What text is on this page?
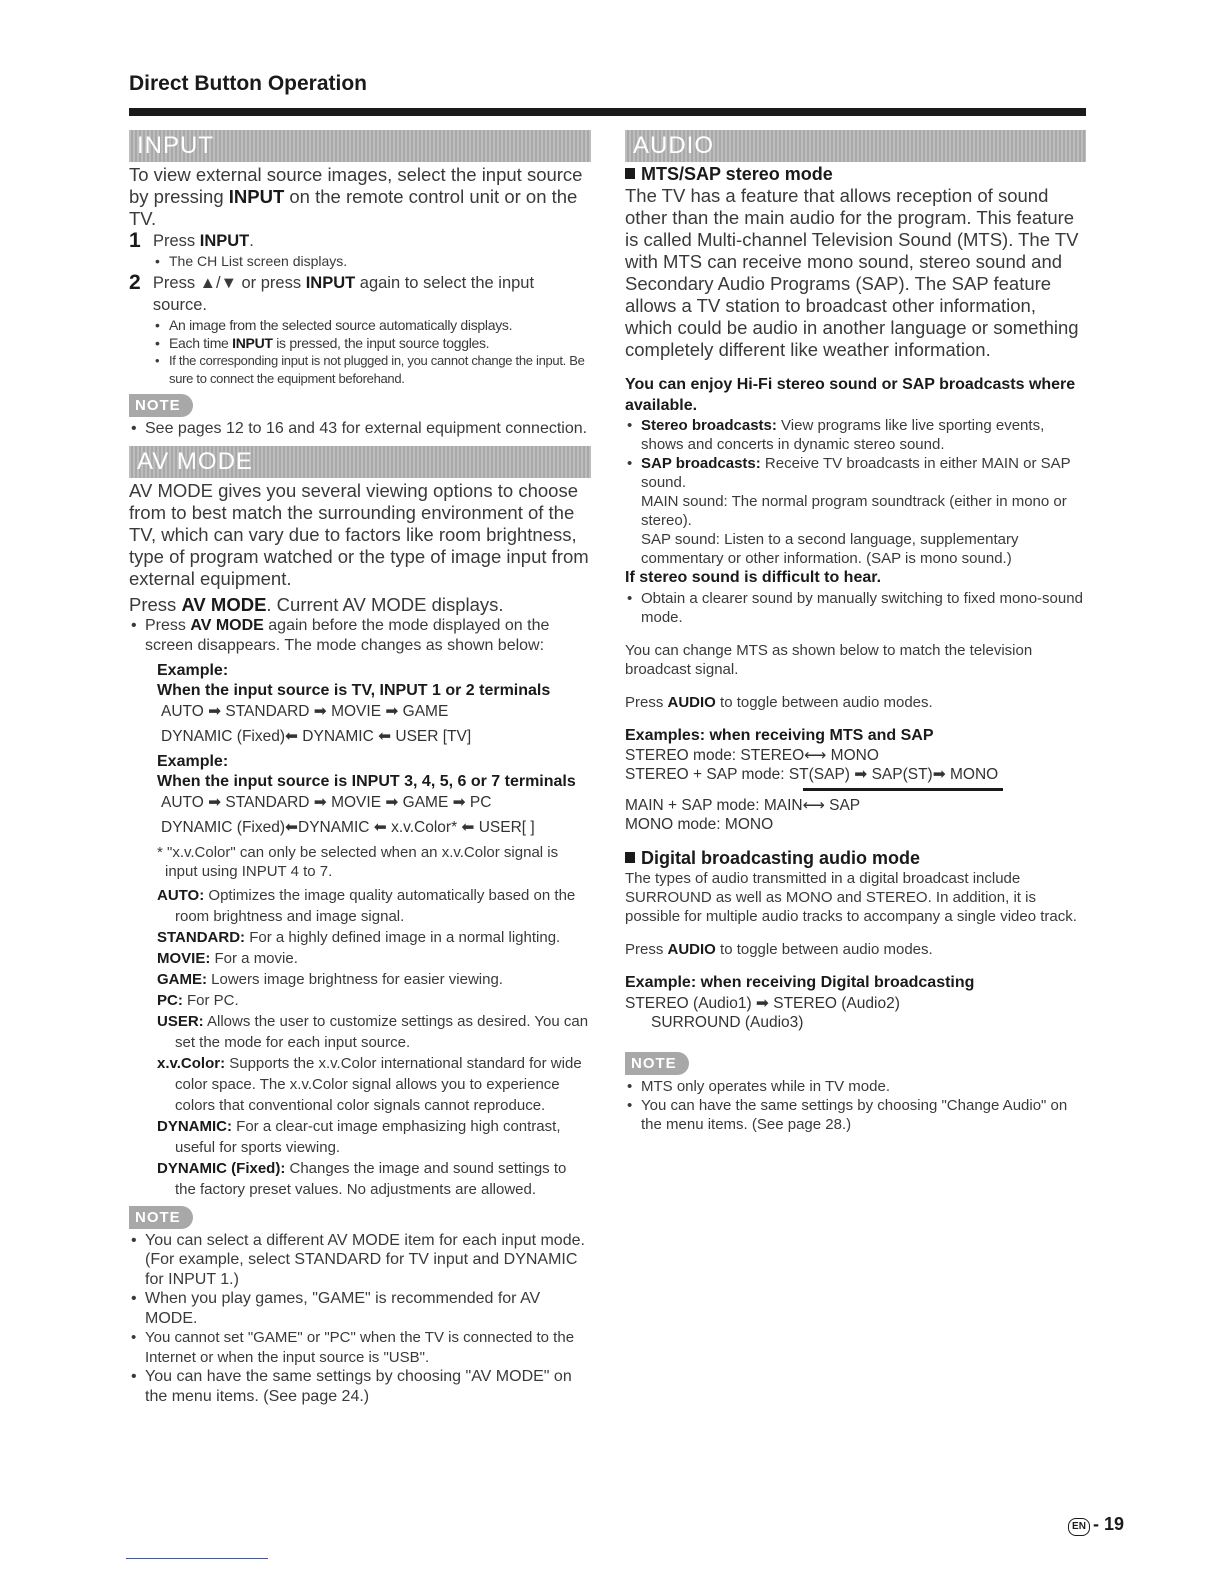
Direct Button Operation
INPUT

To view external source images, select the input source by pressing INPUT on the remote control unit or on the TV.

1 Press INPUT.
• The CH List screen displays.
2 Press ▲/▼ or press INPUT again to select the input source.
• An image from the selected source automatically displays.
• Each time INPUT is pressed, the input source toggles.
• If the corresponding input is not plugged in, you cannot change the input. Be sure to connect the equipment beforehand.
NOTE
• See pages 12 to 16 and 43 for external equipment connection.
AV MODE

AV MODE gives you several viewing options to choose from to best match the surrounding environment of the TV, which can vary due to factors like room brightness, type of program watched or the type of image input from external equipment.

Press AV MODE. Current AV MODE displays.

• Press AV MODE again before the mode displayed on the screen disappears. The mode changes as shown below:
Example:
When the input source is TV, INPUT 1 or 2 terminals
AUTO ➡ STANDARD ➡ MOVIE ➡ GAME
DYNAMIC (Fixed)⬅ DYNAMIC ⬅ USER [TV]
Example:
When the input source is INPUT 3, 4, 5, 6 or 7 terminals
AUTO ➡ STANDARD ➡ MOVIE ➡ GAME ➡ PC
DYNAMIC (Fixed)⬅DYNAMIC ⬅ x.v.Color* ⬅ USER[ ]

* "x.v.Color" can only be selected when an x.v.Color signal is input using INPUT 4 to 7.

AUTO: Optimizes the image quality automatically based on the room brightness and image signal.
STANDARD: For a highly defined image in a normal lighting.
MOVIE: For a movie.
GAME: Lowers image brightness for easier viewing.
PC: For PC.
USER: Allows the user to customize settings as desired. You can set the mode for each input source.
x.v.Color: Supports the x.v.Color international standard for wide color space. The x.v.Color signal allows you to experience colors that conventional color signals cannot reproduce.
DYNAMIC: For a clear-cut image emphasizing high contrast, useful for sports viewing.
DYNAMIC (Fixed): Changes the image and sound settings to the factory preset values. No adjustments are allowed.
NOTE
• You can select a different AV MODE item for each input mode. (For example, select STANDARD for TV input and DYNAMIC for INPUT 1.)
• When you play games, "GAME" is recommended for AV MODE.
• You cannot set "GAME" or "PC" when the TV is connected to the Internet or when the input source is "USB".
• You can have the same settings by choosing "AV MODE" on the menu items. (See page 24.)
AUDIO
MTS/SAP stereo mode

The TV has a feature that allows reception of sound other than the main audio for the program. This feature is called Multi-channel Television Sound (MTS). The TV with MTS can receive mono sound, stereo sound and Secondary Audio Programs (SAP). The SAP feature allows a TV station to broadcast other information, which could be audio in another language or something completely different like weather information.

You can enjoy Hi-Fi stereo sound or SAP broadcasts where available.
• Stereo broadcasts: View programs like live sporting events, shows and concerts in dynamic stereo sound.
• SAP broadcasts: Receive TV broadcasts in either MAIN or SAP sound.
MAIN sound: The normal program soundtrack (either in mono or stereo).
SAP sound: Listen to a second language, supplementary commentary or other information. (SAP is mono sound.)
If stereo sound is difficult to hear.
• Obtain a clearer sound by manually switching to fixed mono-sound mode.

You can change MTS as shown below to match the television broadcast signal.

Press AUDIO to toggle between audio modes.

Examples: when receiving MTS and SAP
STEREO mode: STEREO⟷ MONO
STEREO + SAP mode: ST(SAP) ➡ SAP(ST)➡ MONO
MAIN + SAP mode: MAIN⟷ SAP
MONO mode: MONO
Digital broadcasting audio mode

The types of audio transmitted in a digital broadcast include SURROUND as well as MONO and STEREO. In addition, it is possible for multiple audio tracks to accompany a single video track.

Press AUDIO to toggle between audio modes.

Example: when receiving Digital broadcasting
STEREO (Audio1) ➡ STEREO (Audio2)
SURROUND (Audio3)
NOTE
• MTS only operates while in TV mode.
• You can have the same settings by choosing "Change Audio" on the menu items. (See page 28.)
EN - 19
